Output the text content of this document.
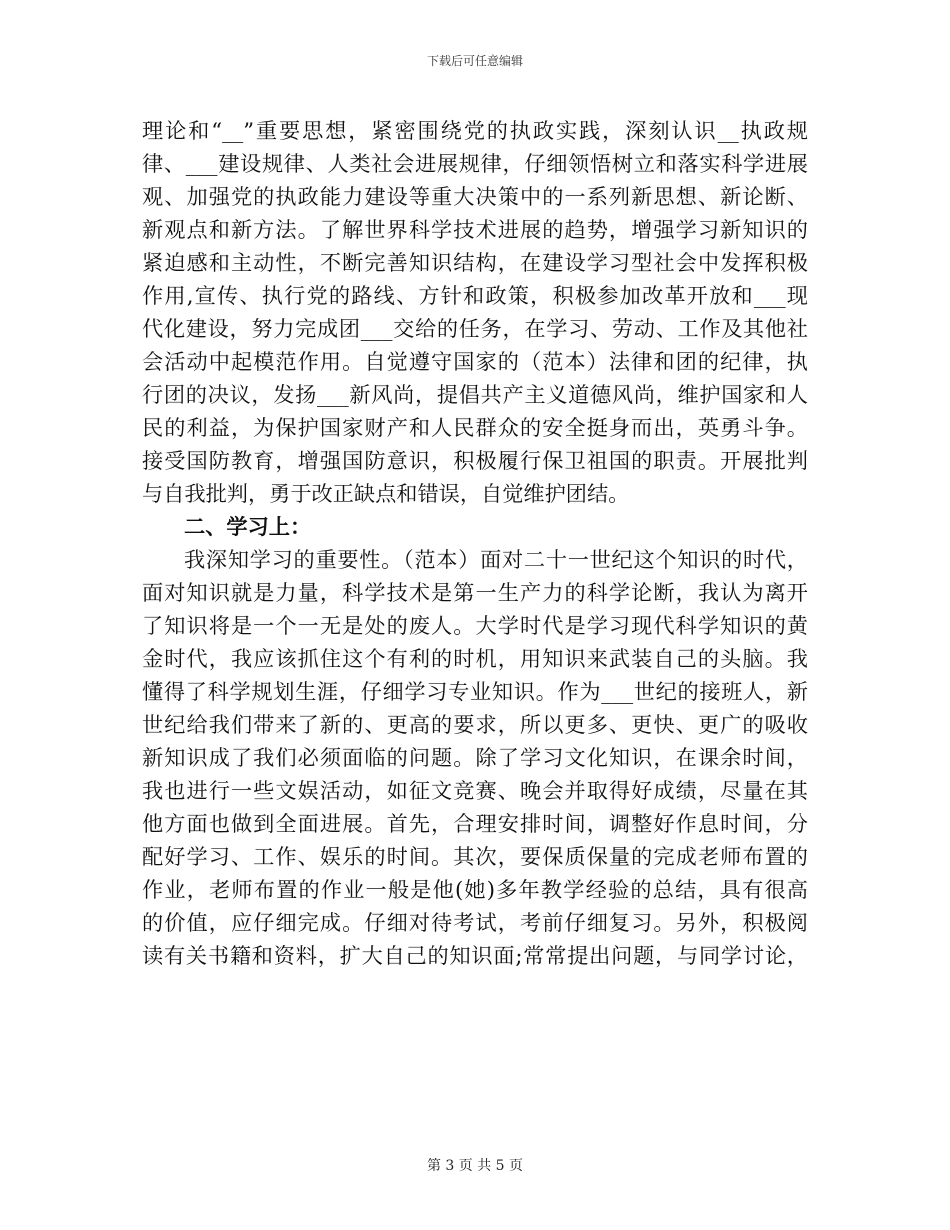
下载后可任意编辑
理论和“__”重要思想，紧密围绕党的执政实践，深刻认识__执政规
律、___建设规律、人类社会进展规律，仔细领悟树立和落实科学进展
观、加强党的执政能力建设等重大决策中的一系列新思想、新论断、
新观点和新方法。了解世界科学技术进展的趋势，增强学习新知识的
紧迫感和主动性，不断完善知识结构，在建设学习型社会中发挥积极
作用,宣传、执行党的路线、方针和政策，积极参加改革开放和___现
代化建设，努力完成团___交给的任务，在学习、劳动、工作及其他社
会活动中起模范作用。自觉遵守国家的（范本）法律和团的纪律，执
行团的决议，发扬___新风尚，提倡共产主义道德风尚，维护国家和人
民的利益，为保护国家财产和人民群众的安全挺身而出，英勇斗争。
接受国防教育，增强国防意识，积极履行保卫祖国的职责。开展批判
与自我批判，勇于改正缺点和错误，自觉维护团结。
二、学习上：
我深知学习的重要性。（范本）面对二十一世纪这个知识的时代，
面对知识就是力量，科学技术是第一生产力的科学论断，我认为离开
了知识将是一个一无是处的废人。大学时代是学习现代科学知识的黄
金时代，我应该抓住这个有利的时机，用知识来武装自己的头脑。我
懂得了科学规划生涯，仔细学习专业知识。作为___世纪的接班人，新
世纪给我们带来了新的、更高的要求，所以更多、更快、更广的吸收
新知识成了我们必须面临的问题。除了学习文化知识，在课余时间，
我也进行一些文娱活动，如征文竞赛、晚会并取得好成绩，尽量在其
他方面也做到全面进展。首先，合理安排时间，调整好作息时间，分
配好学习、工作、娱乐的时间。其次，要保质保量的完成老师布置的
作业，老师布置的作业一般是他(她)多年教学经验的总结，具有很高
的价值，应仔细完成。仔细对待考试，考前仔细复习。另外，积极阅
读有关书籍和资料，扩大自己的知识面;常常提出问题，与同学讨论，
第 3 页 共 5 页
